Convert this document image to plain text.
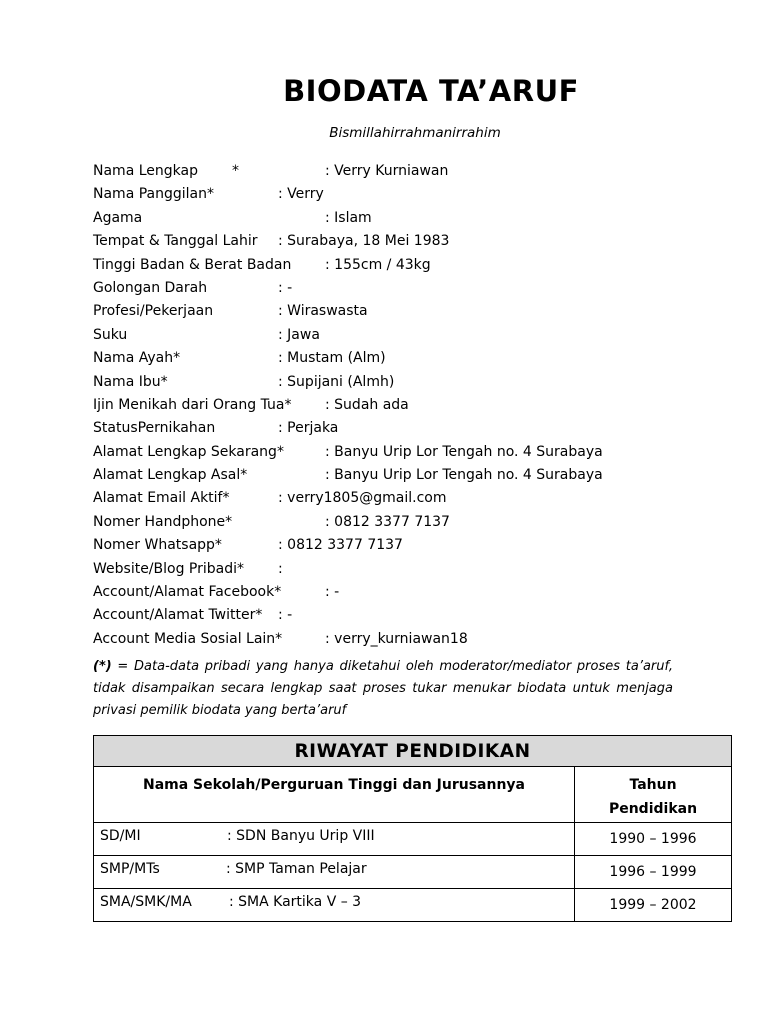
BIODATA TA’ARUF
Bismillahirrahmanirrahim
Nama Lengkap *	: Verry Kurniawan
Nama Panggilan*	: Verry
Agama	: Islam
Tempat & Tanggal Lahir : Surabaya, 18 Mei 1983
Tinggi Badan & Berat Badan : 155cm / 43kg
Golongan Darah	: -
Profesi/Pekerjaan	: Wiraswasta
Suku	: Jawa
Nama Ayah*	: Mustam (Alm)
Nama Ibu*	: Supijani (Almh)
Ijin Menikah dari Orang Tua* : Sudah ada
StatusPernikahan	: Perjaka
Alamat Lengkap Sekarang*	: Banyu Urip Lor Tengah no. 4 Surabaya
Alamat Lengkap Asal*	: Banyu Urip Lor Tengah no. 4 Surabaya
Alamat Email Aktif*	: verry1805@gmail.com
Nomer Handphone*	: 0812 3377 7137
Nomer Whatsapp*	: 0812 3377 7137
Website/Blog Pribadi* :
Account/Alamat Facebook*	: -
Account/Alamat Twitter* : -
Account Media Sosial Lain*	: verry_kurniawan18
(*) = Data-data pribadi yang hanya diketahui oleh moderator/mediator proses ta’aruf, tidak disampaikan secara lengkap saat proses tukar menukar biodata untuk menjaga privasi pemilik biodata yang berta’aruf
RIWAYAT PENDIDIKAN	
Nama Sekolah/Perguruan Tinggi dan Jurusannya	Tahun
Pendidikan

SD/MI : SDN Banyu Urip VIII	1990 – 1996

SMP/MTs : SMP Taman Pelajar	1996 – 1999

SMA/SMK/MA : SMA Kartika V – 3	1999 – 2002
